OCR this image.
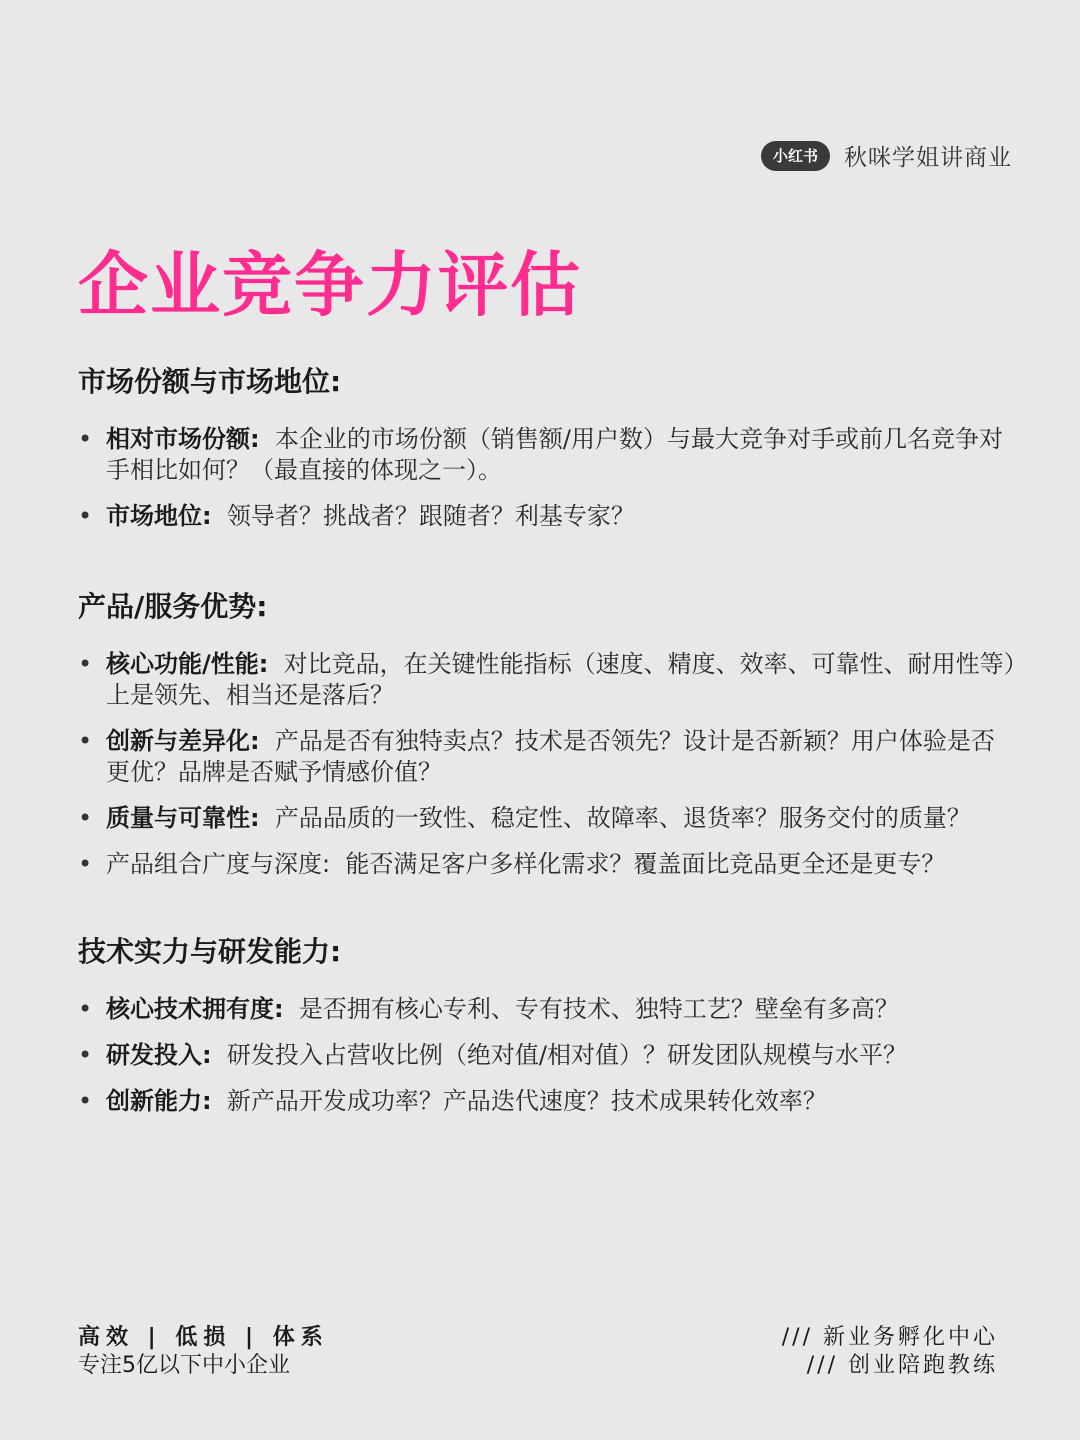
小红书	秋咪学姐讲商业
企业竞争力评估
市场份额与市场地位:
• 相对市场份额: 本企业的市场份额（销售额/用户数）与最大竞争对手或前几名竞争对手相比如何？（最直接的体现之一）。
• 市场地位: 领导者？挑战者？跟随者？利基专家？
产品/服务优势:
• 核心功能/性能: 对比竞品，在关键性能指标（速度、精度、效率、可靠性、耐用性等）上是领先、相当还是落后？
• 创新与差异化: 产品是否有独特卖点？技术是否领先？设计是否新颖？用户体验是否更优？品牌是否赋予情感价值？
• 质量与可靠性: 产品品质的一致性、稳定性、故障率、退货率？服务交付的质量？
• 产品组合广度与深度: 能否满足客户多样化需求？覆盖面比竞品更全还是更专？
技术实力与研发能力:
• 核心技术拥有度: 是否拥有核心专利、专有技术、独特工艺？壁垒有多高？
• 研发投入: 研发投入占营收比例（绝对值/相对值）？研发团队规模与水平？
• 创新能力: 新产品开发成功率？产品迭代速度？技术成果转化效率？
高效 | 低损 | 体系
专注5亿以下中小企业
/// 新业务孵化中心
/// 创业陪跑教练
